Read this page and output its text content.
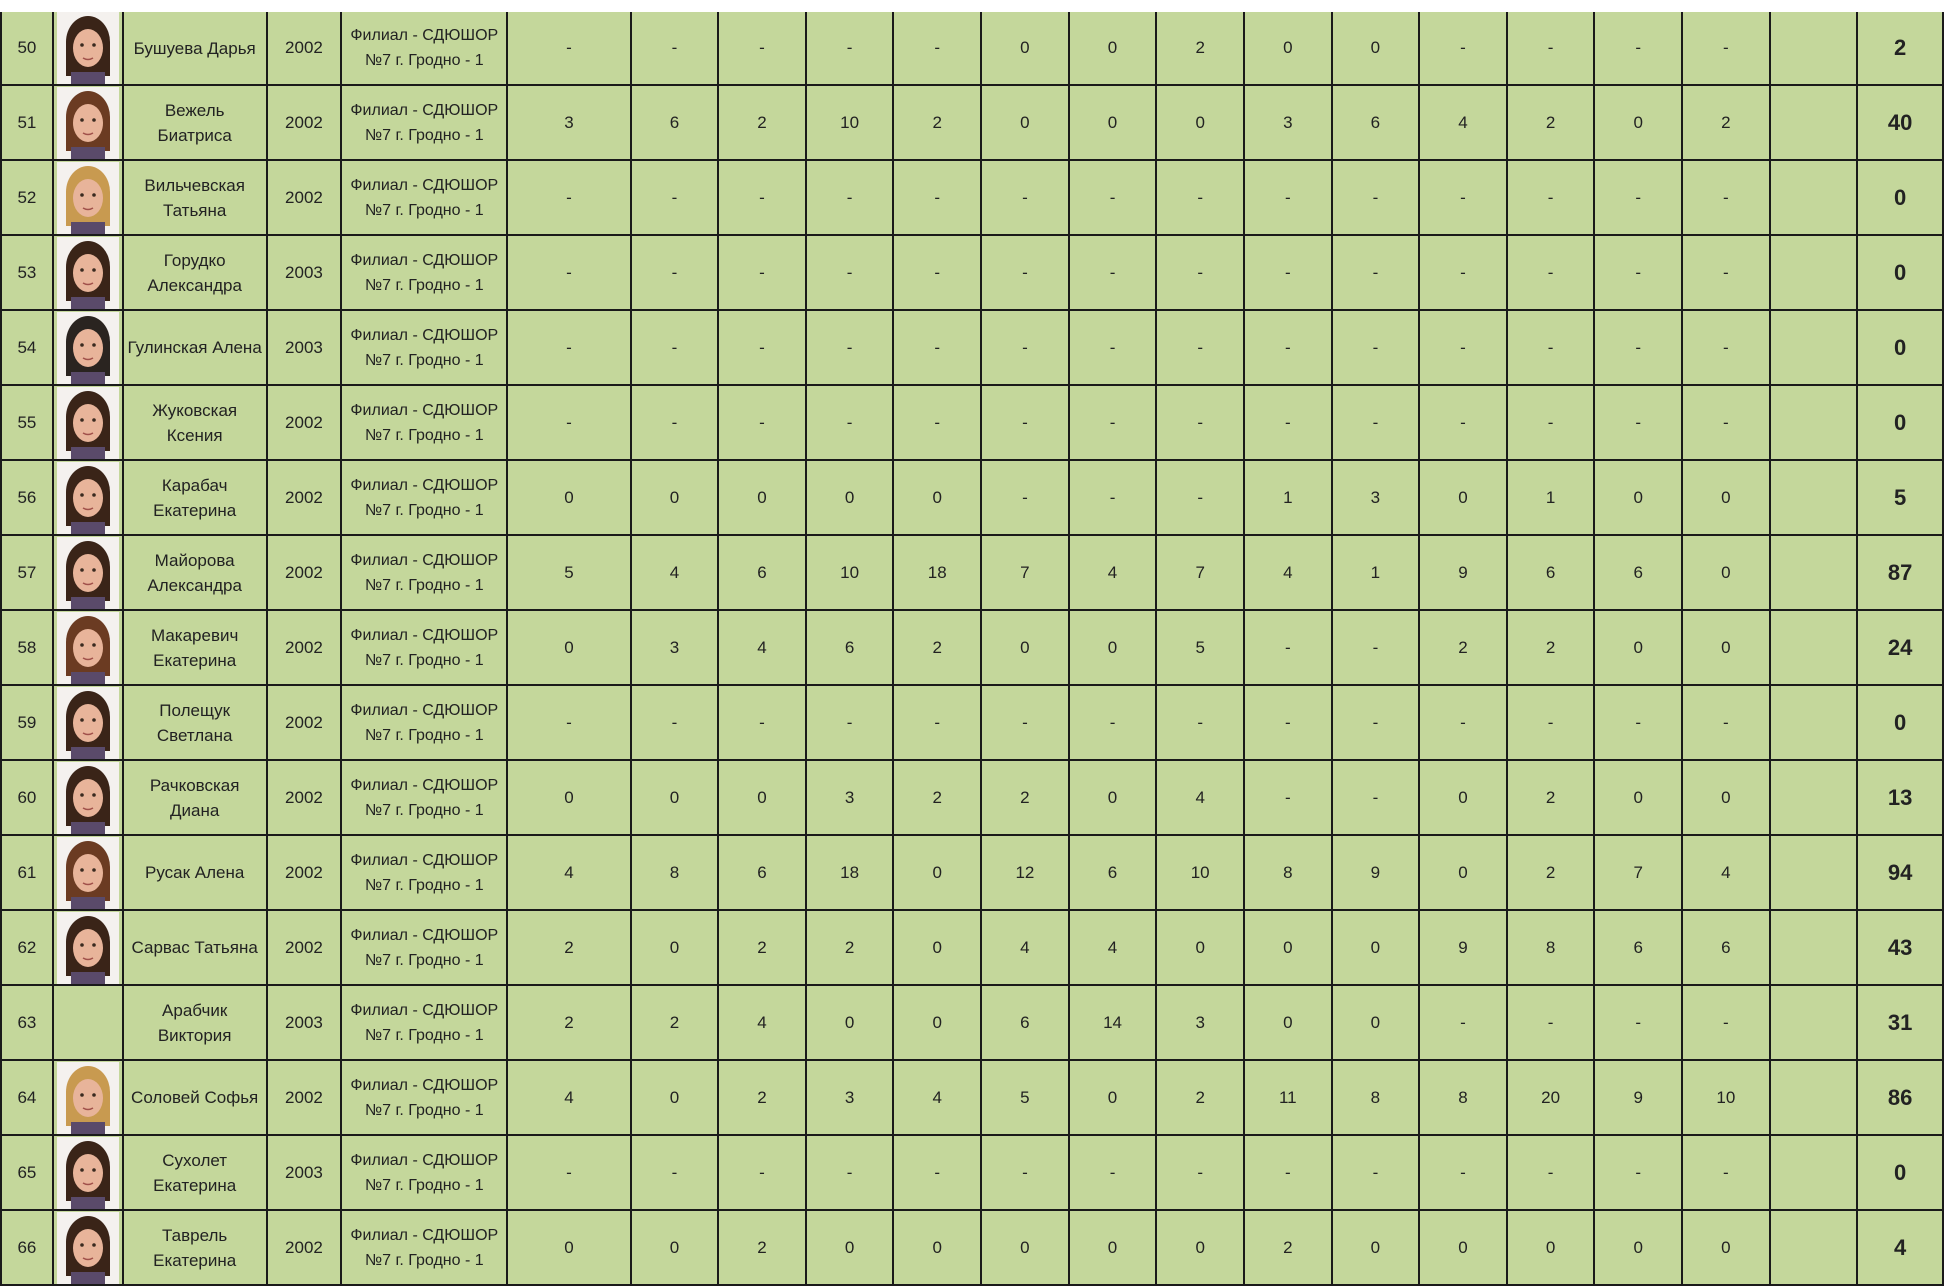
50		Бушуева Дарья	2002	Филиал - СДЮШОР
№7 г. Гродно - 1	-	-	-	-	-	0	0	2	0	0	-	-	-	-		2
51		Вежель
Биатриса	2002	Филиал - СДЮШОР
№7 г. Гродно - 1	3	6	2	10	2	0	0	0	3	6	4	2	0	2		40
52		Вильчевская
Татьяна	2002	Филиал - СДЮШОР
№7 г. Гродно - 1	-	-	-	-	-	-	-	-	-	-	-	-	-	-		0
53		Горудко
Александра	2003	Филиал - СДЮШОР
№7 г. Гродно - 1	-	-	-	-	-	-	-	-	-	-	-	-	-	-		0
54		Гулинская Алена	2003	Филиал - СДЮШОР
№7 г. Гродно - 1	-	-	-	-	-	-	-	-	-	-	-	-	-	-		0
55		Жуковская
Ксения	2002	Филиал - СДЮШОР
№7 г. Гродно - 1	-	-	-	-	-	-	-	-	-	-	-	-	-	-		0
56		Карабач
Екатерина	2002	Филиал - СДЮШОР
№7 г. Гродно - 1	0	0	0	0	0	-	-	-	1	3	0	1	0	0		5
57		Майорова
Александра	2002	Филиал - СДЮШОР
№7 г. Гродно - 1	5	4	6	10	18	7	4	7	4	1	9	6	6	0		87
58		Макаревич
Екатерина	2002	Филиал - СДЮШОР
№7 г. Гродно - 1	0	3	4	6	2	0	0	5	-	-	2	2	0	0		24
59		Полещук
Светлана	2002	Филиал - СДЮШОР
№7 г. Гродно - 1	-	-	-	-	-	-	-	-	-	-	-	-	-	-		0
60		Рачковская
Диана	2002	Филиал - СДЮШОР
№7 г. Гродно - 1	0	0	0	3	2	2	0	4	-	-	0	2	0	0		13
61		Русак Алена	2002	Филиал - СДЮШОР
№7 г. Гродно - 1	4	8	6	18	0	12	6	10	8	9	0	2	7	4		94
62		Сарвас Татьяна	2002	Филиал - СДЮШОР
№7 г. Гродно - 1	2	0	2	2	0	4	4	0	0	0	9	8	6	6		43
63		Арабчик
Виктория	2003	Филиал - СДЮШОР
№7 г. Гродно - 1	2	2	4	0	0	6	14	3	0	0	-	-	-	-		31
64		Соловей Софья	2002	Филиал - СДЮШОР
№7 г. Гродно - 1	4	0	2	3	4	5	0	2	11	8	8	20	9	10		86
65		Сухолет
Екатерина	2003	Филиал - СДЮШОР
№7 г. Гродно - 1	-	-	-	-	-	-	-	-	-	-	-	-	-	-		0
66		Таврель
Екатерина	2002	Филиал - СДЮШОР
№7 г. Гродно - 1	0	0	2	0	0	0	0	0	2	0	0	0	0	0		4
